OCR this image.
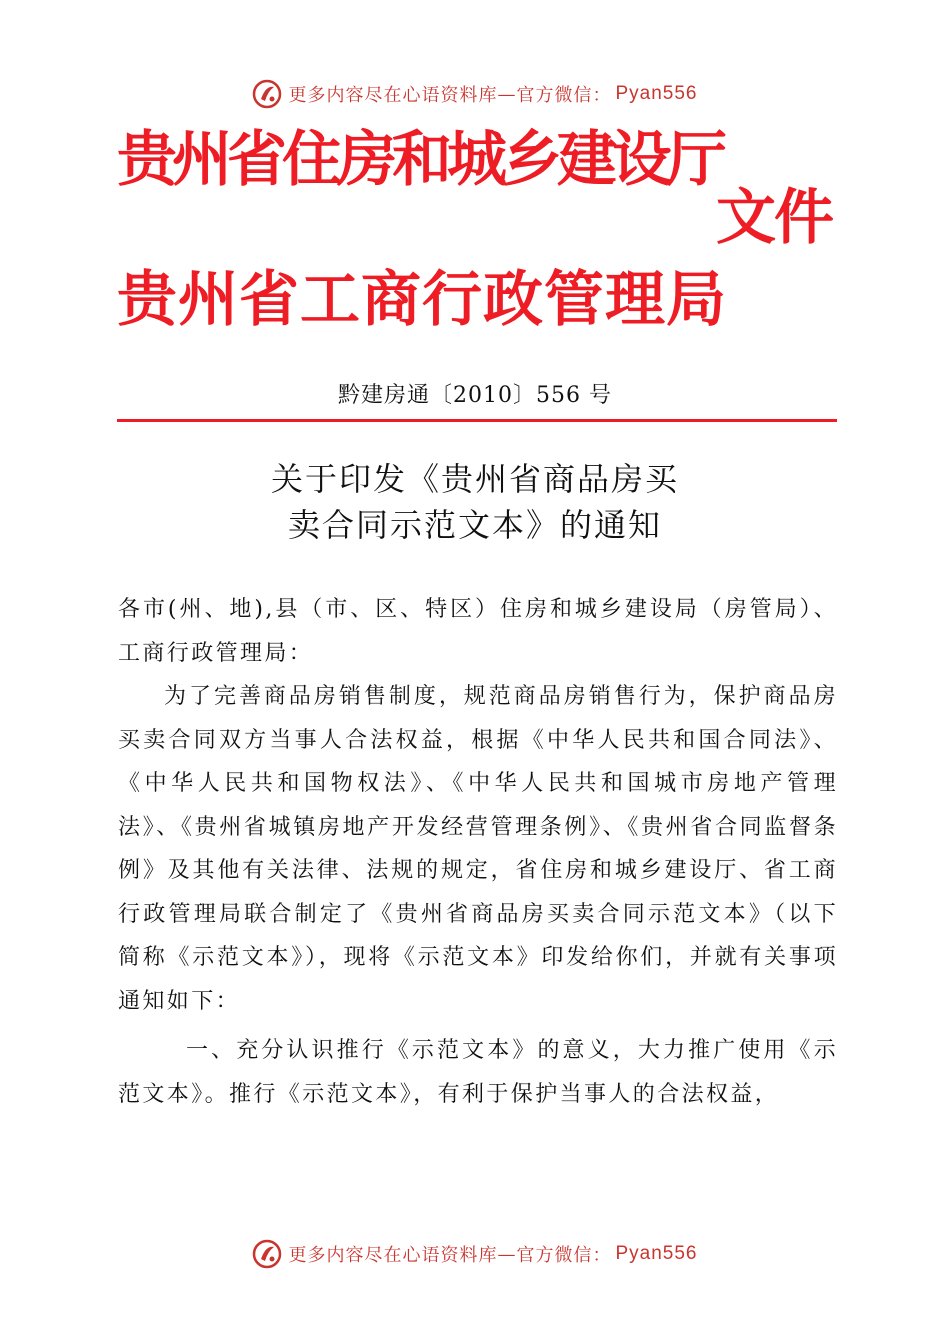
更多内容尽在心语资料库 — 官方微信： Pyan556
贵州省住房和城乡建设厅
文件
贵州省工商行政管理局
黔建房通〔2010〕556 号
关于印发《贵州省商品房买
卖合同示范文本》的通知
各市(州、地),县（市、区、特区）住房和城乡建设局（房管局）、工商行政管理局：
为了完善商品房销售制度，规范商品房销售行为，保护商品房买卖合同双方当事人合法权益，根据《中华人民共和国合同法》、《中华人民共和国物权法》、《中华人民共和国城市房地产管理法》、《贵州省城镇房地产开发经营管理条例》、《贵州省合同监督条例》及其他有关法律、法规的规定，省住房和城乡建设厅、省工商行政管理局联合制定了《贵州省商品房买卖合同示范文本》（以下简称《示范文本》），现将《示范文本》印发给你们，并就有关事项通知如下：
一、充分认识推行《示范文本》的意义，大力推广使用《示范文本》。推行《示范文本》，有利于保护当事人的合法权益，
更多内容尽在心语资料库 — 官方微信： Pyan556
